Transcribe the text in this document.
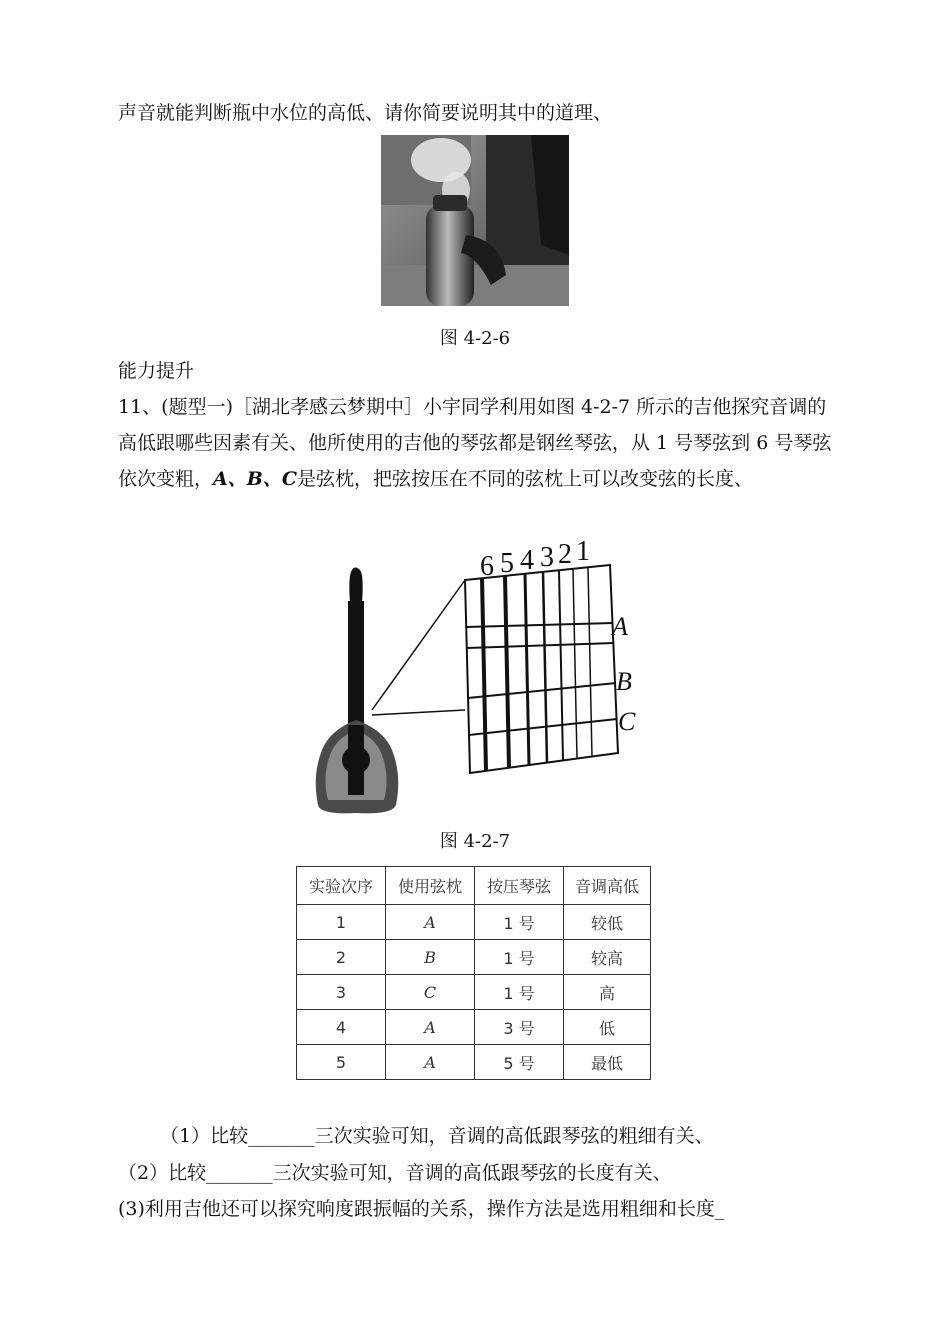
声音就能判断瓶中水位的高低、请你简要说明其中的道理、
图 4-2-6
能力提升
11、(题型一)［湖北孝感云梦期中］小宇同学利用如图 4-2-7 所示的吉他探究音调的高低跟哪些因素有关、他所使用的吉他的琴弦都是钢丝琴弦，从 1 号琴弦到 6 号琴弦依次变粗，A、B、C是弦枕，把弦按压在不同的弦枕上可以改变弦的长度、
6 5 4 3 2 1
A
B
C
图 4-2-7
实验次序	使用弦枕	按压琴弦	音调高低
1	A	1 号	较低
2	B	1 号	较高
3	C	1 号	高
4	A	3 号	低
5	A	5 号	最低
（1）比较_______三次实验可知，音调的高低跟琴弦的粗细有关、
（2）比较_______三次实验可知，音调的高低跟琴弦的长度有关、
(3)利用吉他还可以探究响度跟振幅的关系，操作方法是选用粗细和长度_
